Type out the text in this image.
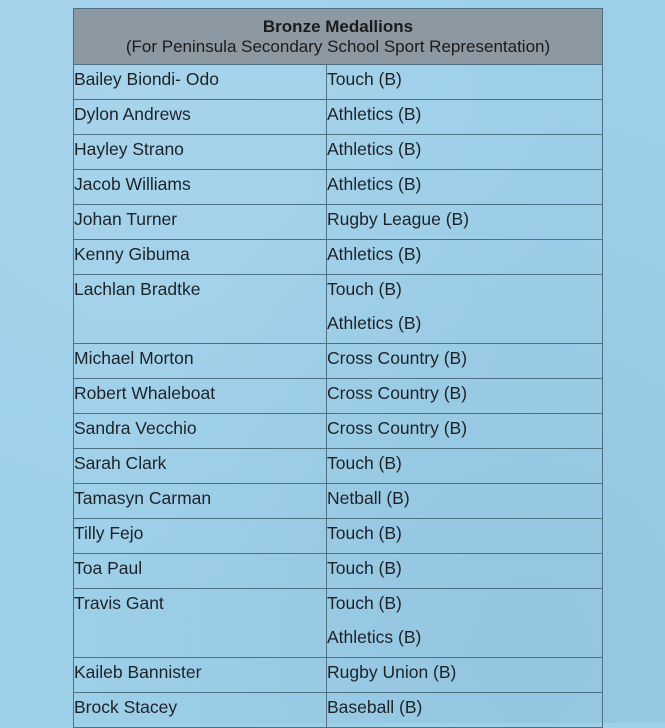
Bronze Medallions
(For Peninsula Secondary School Sport Representation)	

Bailey Biondi- Odo	Touch (B)

Dylon Andrews	Athletics (B)

Hayley Strano	Athletics (B)

Jacob Williams	Athletics (B)

Johan Turner	Rugby League (B)

Kenny Gibuma	Athletics (B)

Lachlan Bradtke	Touch (B)
Athletics (B)

Michael Morton	Cross Country (B)

Robert Whaleboat	Cross Country (B)

Sandra Vecchio	Cross Country (B)

Sarah Clark	Touch (B)

Tamasyn Carman	Netball (B)

Tilly Fejo	Touch (B)

Toa Paul	Touch (B)

Travis Gant	Touch (B)
Athletics (B)

Kaileb Bannister	Rugby Union (B)

Brock Stacey	Baseball (B)
